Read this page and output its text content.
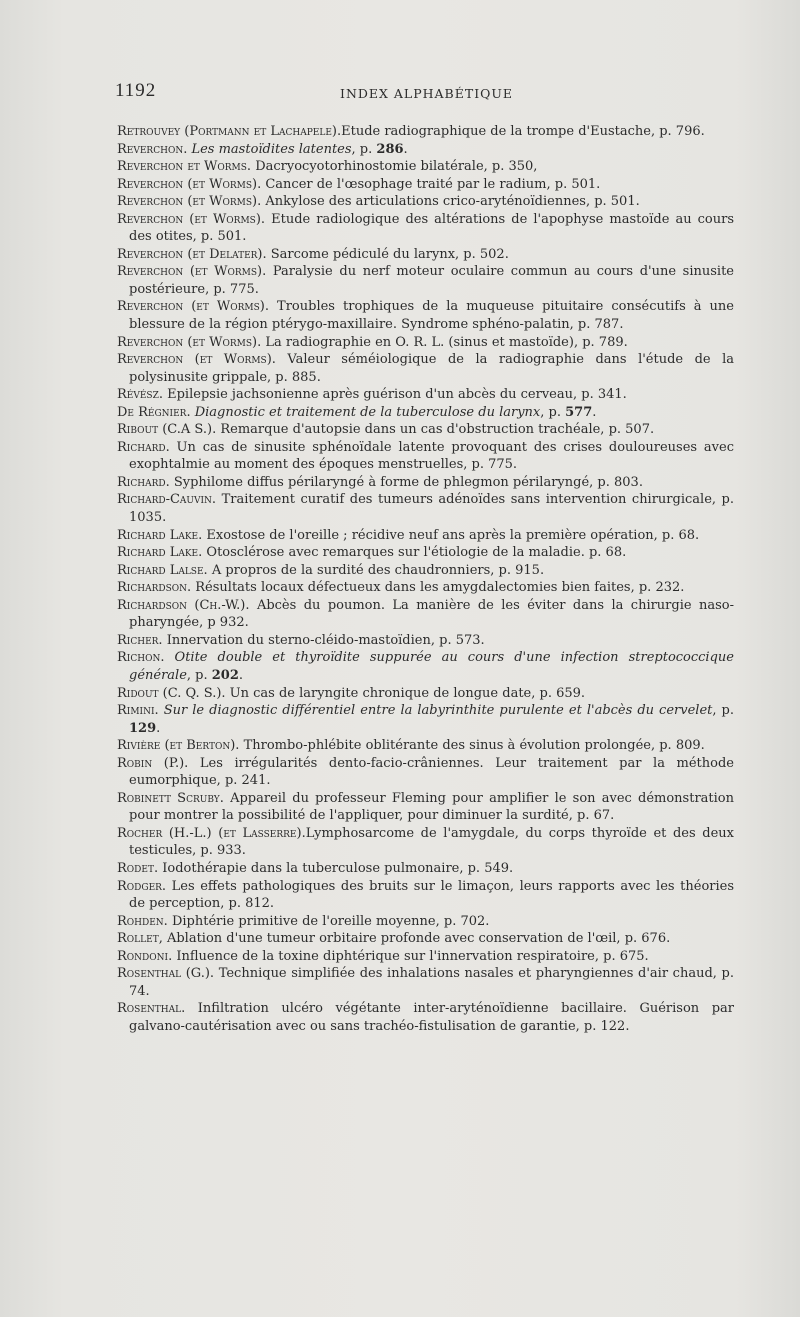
1192	INDEX ALPHABÉTIQUE
Retrouvey (Portmann et Lachapele).Etude radiographique de la trompe d'Eustache, p. 796.
Reverchon. Les mastoïdites latentes, p. 286.
Reverchon et Worms. Dacryocyotorhinostomie bilatérale, p. 350,
Reverchon (et Worms). Cancer de l'œsophage traité par le radium, p. 501.
Reverchon (et Worms). Ankylose des articulations crico-aryténoïdiennes, p. 501.
Reverchon (et Worms). Etude radiologique des altérations de l'apophyse mastoïde au cours des otites, p. 501.
Reverchon (et Delater). Sarcome pédiculé du larynx, p. 502.
Reverchon (et Worms). Paralysie du nerf moteur oculaire commun au cours d'une sinusite postérieure, p. 775.
Reverchon (et Worms). Troubles trophiques de la muqueuse pituitaire consécutifs à une blessure de la région ptérygo-maxillaire. Syndrome sphéno-palatin, p. 787.
Reverchon (et Worms). La radiographie en O. R. L. (sinus et mastoïde), p. 789.
Reverchon (et Worms). Valeur séméiologique de la radiographie dans l'étude de la polysinusite grippale, p. 885.
Révész. Epilepsie jachsonienne après guérison d'un abcès du cerveau, p. 341.
De Régnier. Diagnostic et traitement de la tuberculose du larynx, p. 577.
Ribout (C.A S.). Remarque d'autopsie dans un cas d'obstruction trachéale, p. 507.
Richard. Un cas de sinusite sphénoïdale latente provoquant des crises douloureuses avec exophtalmie au moment des époques menstruelles, p. 775.
Richard. Syphilome diffus périlaryngé à forme de phlegmon périlaryngé, p. 803.
Richard-Cauvin. Traitement curatif des tumeurs adénoïdes sans intervention chirurgicale, p. 1035.
Richard Lake. Exostose de l'oreille ; récidive neuf ans après la première opération, p. 68.
Richard Lake. Otosclérose avec remarques sur l'étiologie de la maladie. p. 68.
Richard Lalse. A propros de la surdité des chaudronniers, p. 915.
Richardson. Résultats locaux défectueux dans les amygdalectomies bien faites, p. 232.
Richardson (Ch.-W.). Abcès du poumon. La manière de les éviter dans la chirurgie naso-pharyngée, p 932.
Richer. Innervation du sterno-cléido-mastoïdien, p. 573.
Richon. Otite double et thyroïdite suppurée au cours d'une infection streptococcique générale, p. 202.
Ridout (C. Q. S.). Un cas de laryngite chronique de longue date, p. 659.
Rimini. Sur le diagnostic différentiel entre la labyrinthite purulente et l'abcès du cervelet, p. 129.
Rivière (et Berton). Thrombo-phlébite oblitérante des sinus à évolution prolongée, p. 809.
Robin (P.). Les irrégularités dento-facio-crâniennes. Leur traitement par la méthode eumorphique, p. 241.
Robinett Scruby. Appareil du professeur Fleming pour amplifier le son avec démonstration pour montrer la possibilité de l'appliquer, pour diminuer la surdité, p. 67.
Rocher (H.-L.) (et Lasserre).Lymphosarcome de l'amygdale, du corps thyroïde et des deux testicules, p. 933.
Rodet. Iodothérapie dans la tuberculose pulmonaire, p. 549.
Rodger. Les effets pathologiques des bruits sur le limaçon, leurs rapports avec les théories de perception, p. 812.
Rohden. Diphtérie primitive de l'oreille moyenne, p. 702.
Rollet, Ablation d'une tumeur orbitaire profonde avec conservation de l'œil, p. 676.
Rondoni. Influence de la toxine diphtérique sur l'innervation respiratoire, p. 675.
Rosenthal (G.). Technique simplifiée des inhalations nasales et pharyngiennes d'air chaud, p. 74.
Rosenthal. Infiltration ulcéro végétante inter-aryténoïdienne bacillaire. Guérison par galvano-cautérisation avec ou sans trachéo-fistulisation de garantie, p. 122.
